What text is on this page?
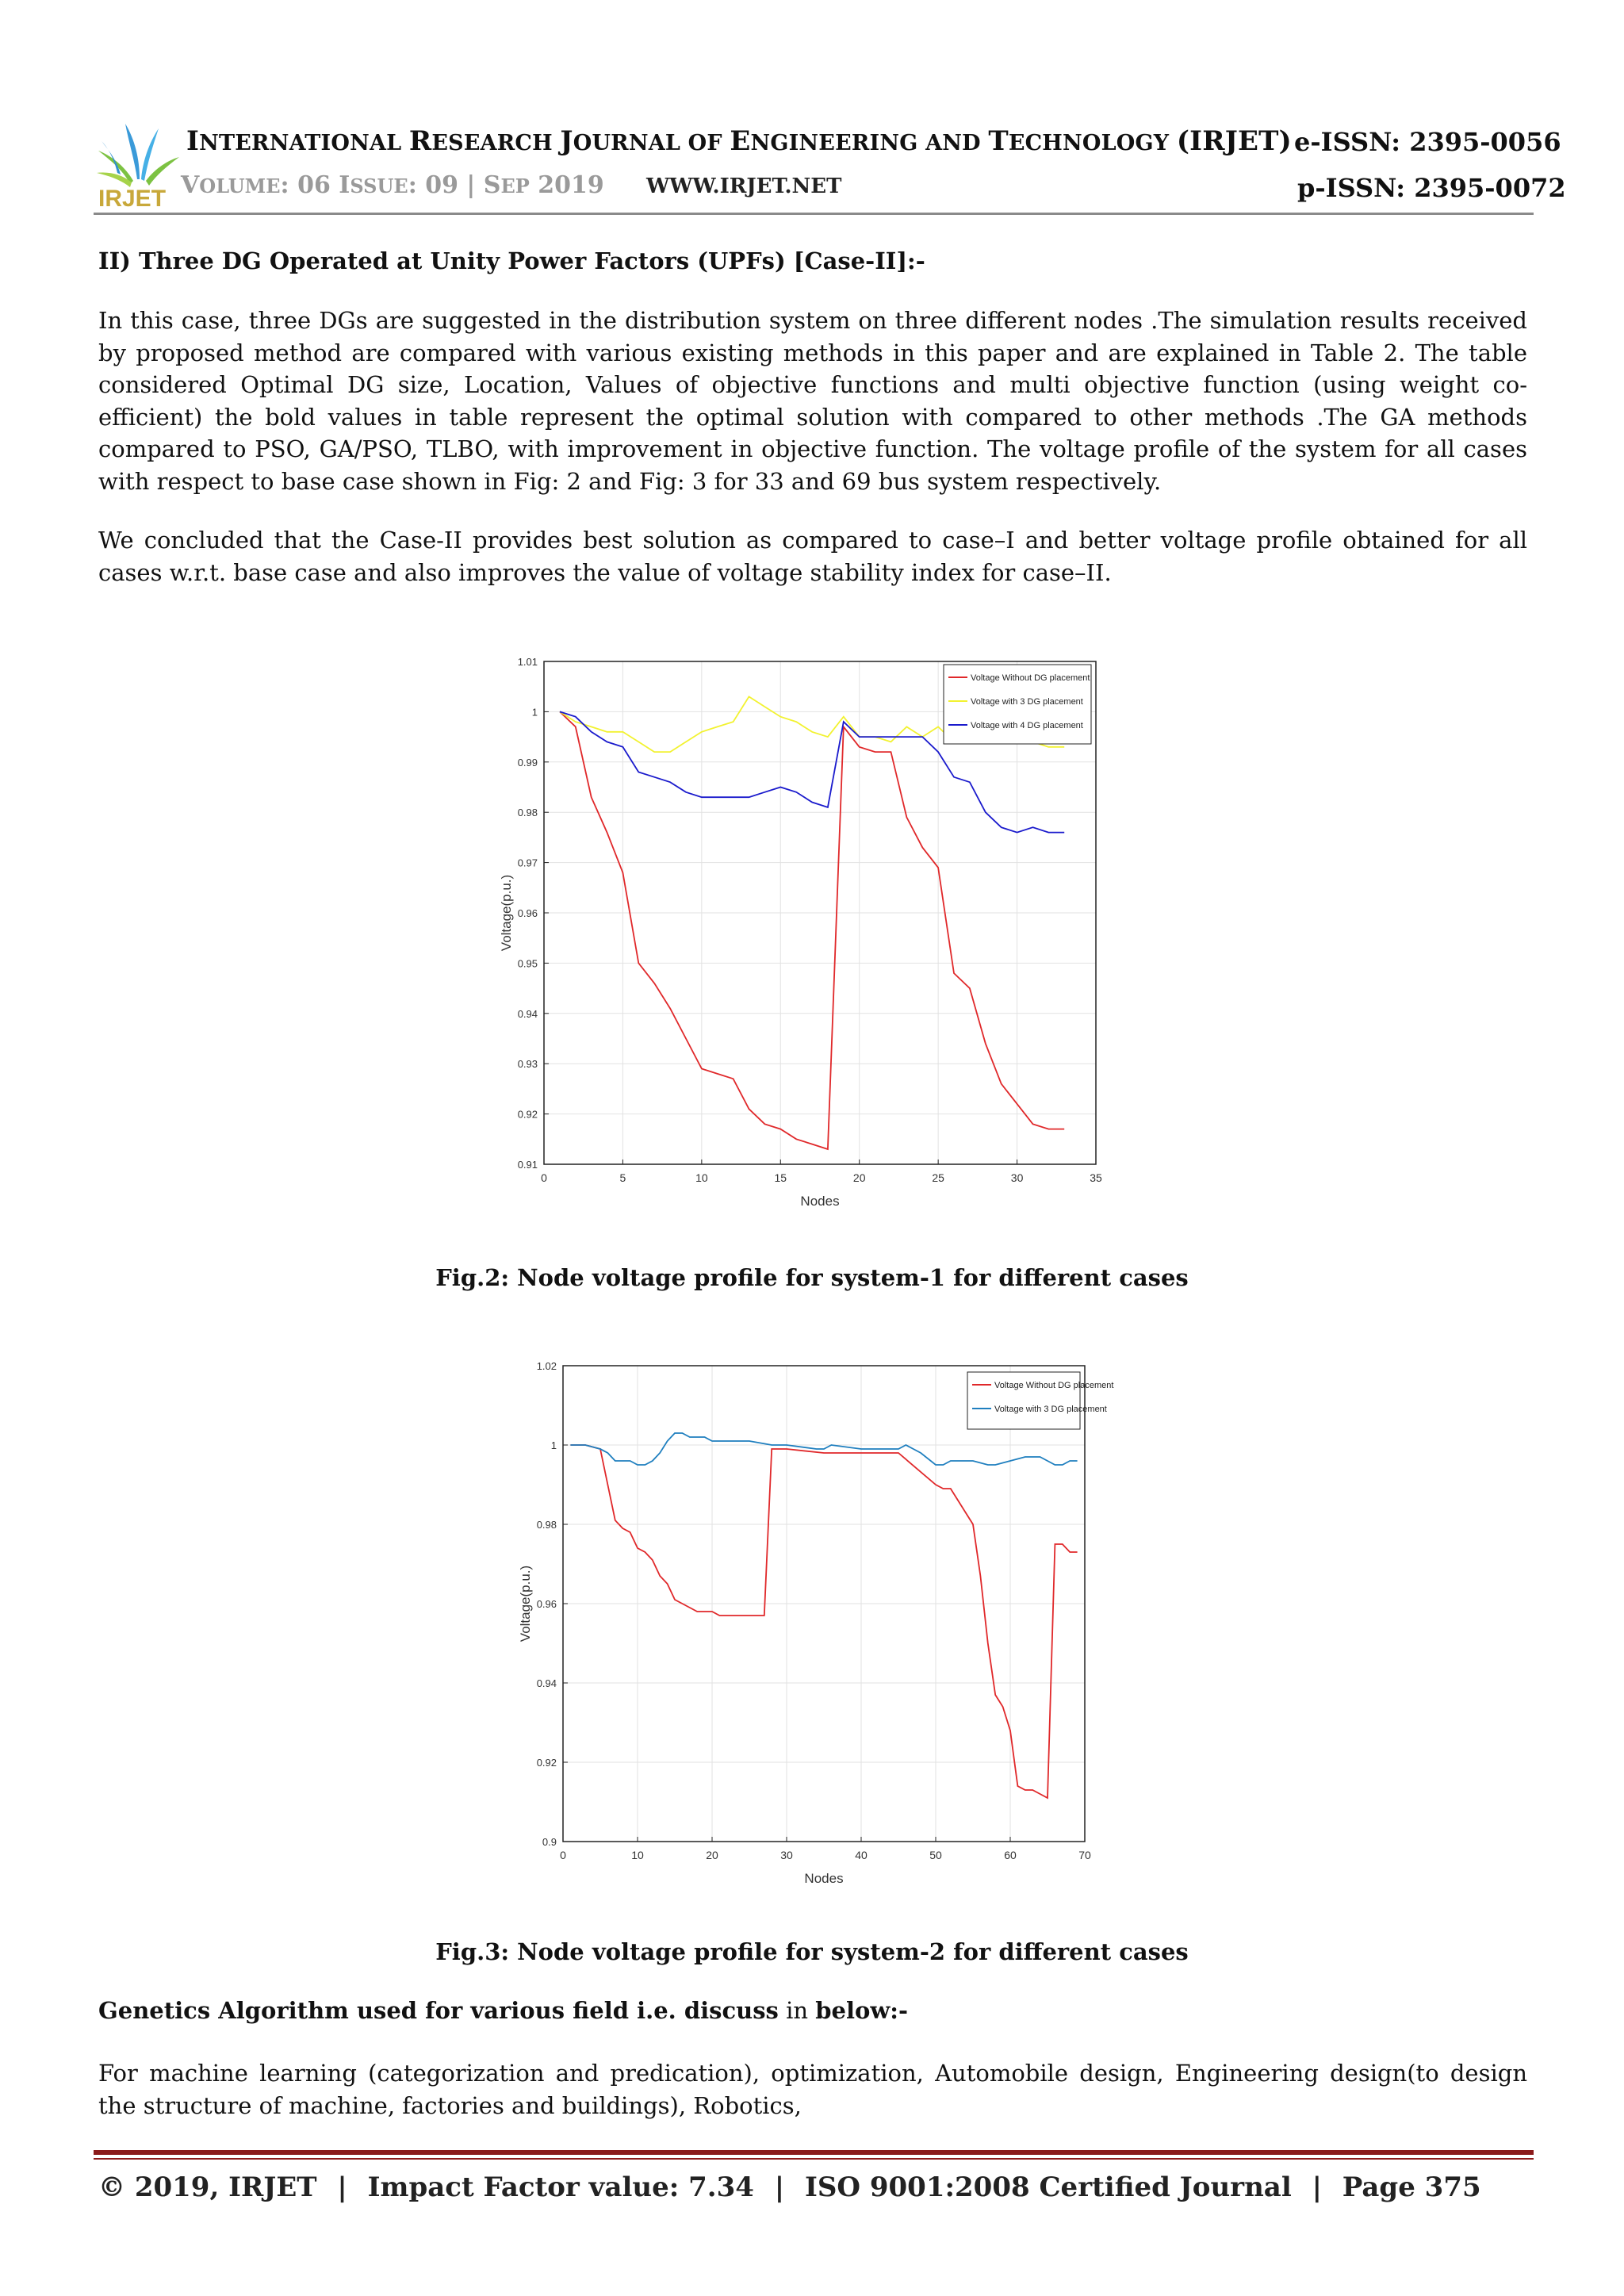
IRJET
INTERNATIONAL RESEARCH JOURNAL OF ENGINEERING AND TECHNOLOGY (IRJET)
VOLUME: 06 ISSUE: 09 | SEP 2019 WWW.IRJET.NET
e-ISSN: 2395-0056
p-ISSN: 2395-0072
II) Three DG Operated at Unity Power Factors (UPFs) [Case-II]:-
In this case, three DGs are suggested in the distribution system on three different nodes .The simulation results received by proposed method are compared with various existing methods in this paper and are explained in Table 2. The table considered Optimal DG size, Location, Values of objective functions and multi objective function (using weight co- efficient) the bold values in table represent the optimal solution with compared to other methods .The GA methods compared to PSO, GA/PSO, TLBO, with improvement in objective function. The voltage profile of the system for all cases with respect to base case shown in Fig: 2 and Fig: 3 for 33 and 69 bus system respectively.
We concluded that the Case-II provides best solution as compared to case–I and better voltage profile obtained for all cases w.r.t. base case and also improves the value of voltage stability index for case–II.
0	5	10	15	20	25	30	35
0.91
0.92
0.93
0.94
0.95
0.96
0.97
0.98
0.99
1
1.01
Nodes
Voltage(p.u.)
Voltage Without DG placement
Voltage with 3 DG placement
Voltage with 4 DG placement
Fig.2: Node voltage profile for system-1 for different cases
0	10	20	30	40	50	60	70
0.9
0.92
0.94
0.96
0.98
1
1.02
Nodes
Voltage(p.u.)
Voltage Without DG placement
Voltage with 3 DG placement
Fig.3: Node voltage profile for system-2 for different cases
Genetics Algorithm used for various field i.e. discuss in below:-
For machine learning (categorization and predication), optimization, Automobile design, Engineering design(to design the structure of machine, factories and buildings), Robotics,
© 2019, IRJET | Impact Factor value: 7.34 | ISO 9001:2008 Certified Journal | Page 375
